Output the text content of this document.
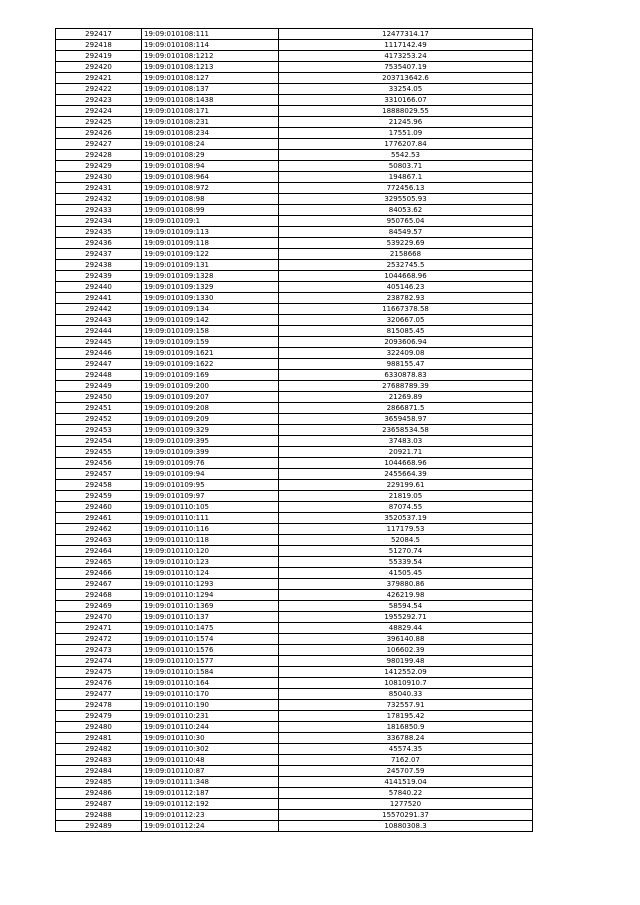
292417	19:09:010108:111	12477314.17
292418	19:09:010108:114	1117142.49
292419	19:09:010108:1212	4173253.24
292420	19:09:010108:1213	7535407.19
292421	19:09:010108:127	203713642.6
292422	19:09:010108:137	33254.05
292423	19:09:010108:1438	3310166.07
292424	19:09:010108:171	18888029.55
292425	19:09:010108:231	21245.96
292426	19:09:010108:234	17551.09
292427	19:09:010108:24	1776207.84
292428	19:09:010108:29	5542.53
292429	19:09:010108:94	50803.71
292430	19:09:010108:964	194867.1
292431	19:09:010108:972	772456.13
292432	19:09:010108:98	3295505.93
292433	19:09:010108:99	84053.62
292434	19:09:010109:1	950765.04
292435	19:09:010109:113	84549.57
292436	19:09:010109:118	539229.69
292437	19:09:010109:122	2158668
292438	19:09:010109:131	2532745.5
292439	19:09:010109:1328	1044668.96
292440	19:09:010109:1329	405146.23
292441	19:09:010109:1330	238782.93
292442	19:09:010109:134	11667378.58
292443	19:09:010109:142	320667.05
292444	19:09:010109:158	815085.45
292445	19:09:010109:159	2093606.94
292446	19:09:010109:1621	322409.08
292447	19:09:010109:1622	988155.47
292448	19:09:010109:169	6330878.83
292449	19:09:010109:200	27688789.39
292450	19:09:010109:207	21269.89
292451	19:09:010109:208	2866871.5
292452	19:09:010109:209	3659458.97
292453	19:09:010109:329	23658534.58
292454	19:09:010109:395	37483.03
292455	19:09:010109:399	20921.71
292456	19:09:010109:76	1044668.96
292457	19:09:010109:94	2455664.39
292458	19:09:010109:95	229199.61
292459	19:09:010109:97	21819.05
292460	19:09:010110:105	87074.55
292461	19:09:010110:111	3520537.19
292462	19:09:010110:116	117179.53
292463	19:09:010110:118	52084.5
292464	19:09:010110:120	51270.74
292465	19:09:010110:123	55339.54
292466	19:09:010110:124	41505.45
292467	19:09:010110:1293	379880.86
292468	19:09:010110:1294	426219.98
292469	19:09:010110:1369	58594.54
292470	19:09:010110:137	1955292.71
292471	19:09:010110:1475	48829.44
292472	19:09:010110:1574	396140.88
292473	19:09:010110:1576	106602.39
292474	19:09:010110:1577	980199.48
292475	19:09:010110:1584	1412552.09
292476	19:09:010110:164	10810910.7
292477	19:09:010110:170	85040.33
292478	19:09:010110:190	732557.91
292479	19:09:010110:231	178195.42
292480	19:09:010110:244	1816850.9
292481	19:09:010110:30	336788.24
292482	19:09:010110:302	45574.35
292483	19:09:010110:48	7162.07
292484	19:09:010110:87	245707.59
292485	19:09:010111:348	4141519.04
292486	19:09:010112:187	57840.22
292487	19:09:010112:192	1277520
292488	19:09:010112:23	15570291.37
292489	19:09:010112:24	10880308.3
